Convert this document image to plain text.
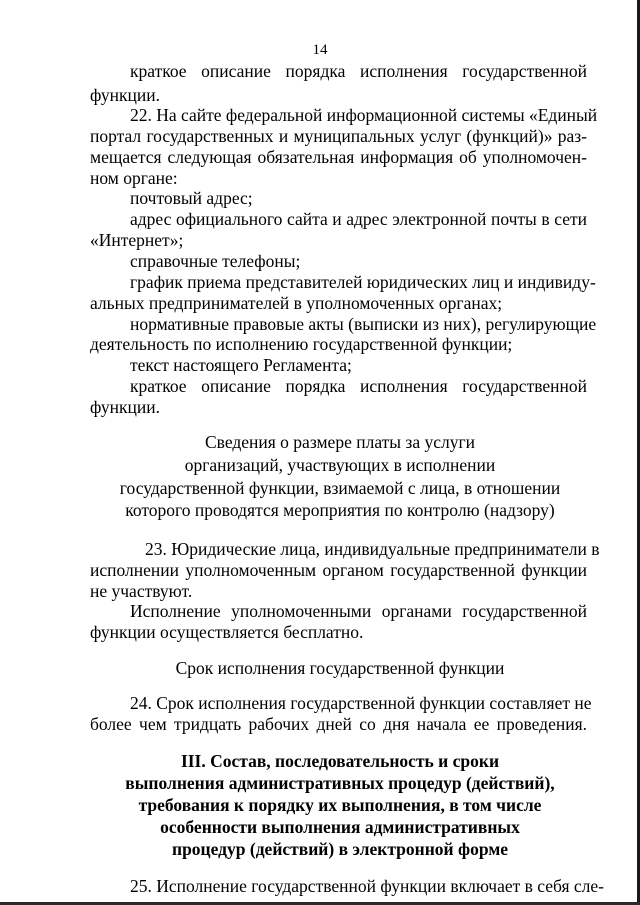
14
краткое описание порядка исполнения государственной
функции.
22. На сайте федеральной информационной системы «Единый
портал государственных и муниципальных услуг (функций)» раз-
мещается следующая обязательная информация об уполномочен-
ном органе:
почтовый адрес;
адрес официального сайта и адрес электронной почты в сети
«Интернет»;
справочные телефоны;
график приема представителей юридических лиц и индивиду-
альных предпринимателей в уполномоченных органах;
нормативные правовые акты (выписки из них), регулирующие
деятельность по исполнению государственной функции;
текст настоящего Регламента;
краткое описание порядка исполнения государственной
функции.
Сведения о размере платы за услуги
организаций, участвующих в исполнении
государственной функции, взимаемой с лица, в отношении
которого проводятся мероприятия по контролю (надзору)
23. Юридические лица, индивидуальные предприниматели в
исполнении уполномоченным органом государственной функции
не участвуют.
Исполнение уполномоченными органами государственной
функции осуществляется бесплатно.
Срок исполнения государственной функции
24. Срок исполнения государственной функции составляет не
более чем тридцать рабочих дней со дня начала ее проведения.
III. Состав, последовательность и сроки
выполнения административных процедур (действий),
требования к порядку их выполнения, в том числе
особенности выполнения административных
процедур (действий) в электронной форме
25. Исполнение государственной функции включает в себя сле-
